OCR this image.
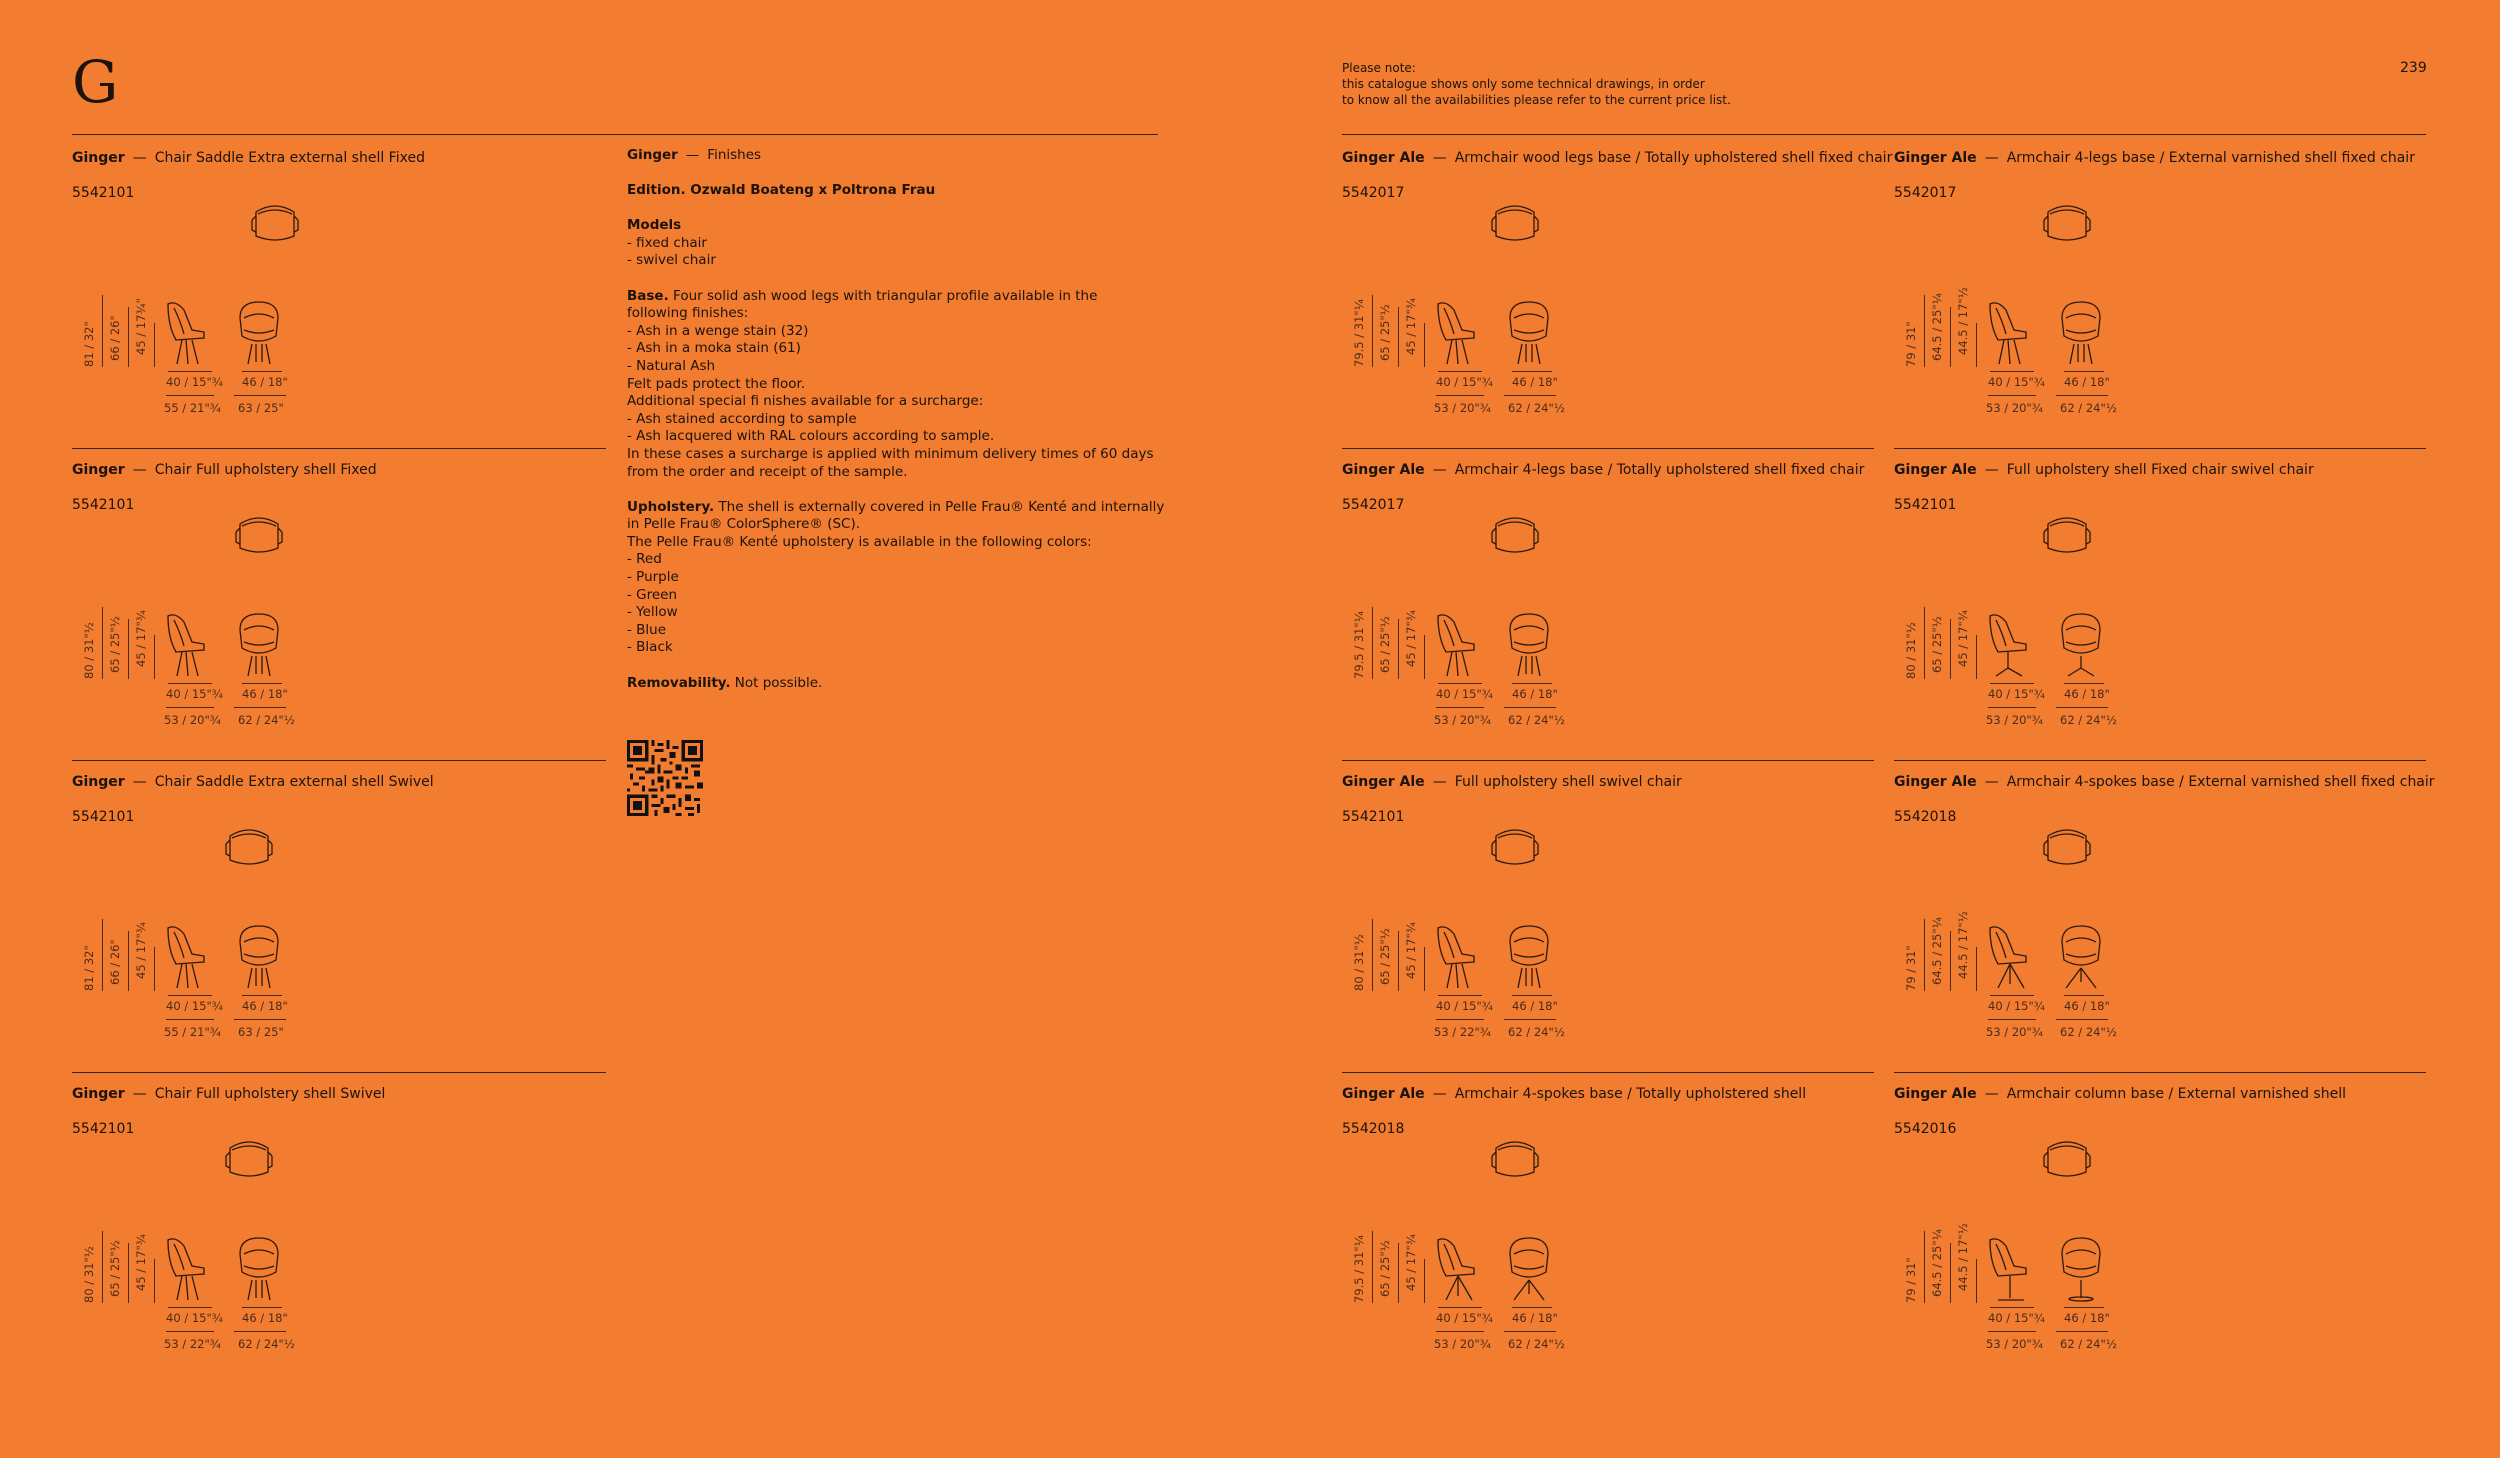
G	239
Please note:
this catalogue shows only some technical drawings, in order
to know all the availabilities please refer to the current price list.
Ginger — Chair Saddle Extra external shell Fixed
5542101
81 / 32" 66 / 26" 45 / 17¾"
40 / 15"¾
55 / 21"¾
46 / 18"
63 / 25"
Ginger — Chair Full upholstery shell Fixed
5542101
80 / 31"½ 65 / 25"½ 45 / 17"¾
40 / 15"¾
53 / 20"¾
46 / 18"
62 / 24"½
Ginger — Chair Saddle Extra external shell Swivel
5542101
81 / 32" 66 / 26" 45 / 17"¾
40 / 15"¾
55 / 21"¾
46 / 18"
63 / 25"
Ginger — Chair Full upholstery shell Swivel
5542101
80 / 31"½ 65 / 25"½ 45 / 17"¾
40 / 15"¾
53 / 22"¾
46 / 18"
62 / 24"½
Ginger Ale — Armchair wood legs base / Totally upholstered shell fixed chair
5542017
79.5 / 31"¼ 65 / 25"½ 45 / 17"¾
40 / 15"¾
53 / 20"¾
46 / 18"
62 / 24"½
Ginger Ale — Armchair 4-legs base / External varnished shell fixed chair
5542017
79 / 31" 64.5 / 25"¼ 44.5 / 17"½
40 / 15"¾
53 / 20"¾
46 / 18"
62 / 24"½
Ginger Ale — Armchair 4-legs base / Totally upholstered shell fixed chair
5542017
79.5 / 31"¼ 65 / 25"½ 45 / 17"¾
40 / 15"¾
53 / 20"¾
46 / 18"
62 / 24"½
Ginger Ale — Full upholstery shell Fixed chair swivel chair
5542101
80 / 31"½ 65 / 25"½ 45 / 17"¾
40 / 15"¾
53 / 20"¾
46 / 18"
62 / 24"½
Ginger Ale — Full upholstery shell swivel chair
5542101
80 / 31"½ 65 / 25"½ 45 / 17"¾
40 / 15"¾
53 / 22"¾
46 / 18"
62 / 24"½
Ginger Ale — Armchair 4-spokes base / External varnished shell fixed chair
5542018
79 / 31" 64.5 / 25"¼ 44.5 / 17"½
40 / 15"¾
53 / 20"¾
46 / 18"
62 / 24"½
Ginger Ale — Armchair 4-spokes base / Totally upholstered shell
5542018
79.5 / 31"¼ 65 / 25"½ 45 / 17"¾
40 / 15"¾
53 / 20"¾
46 / 18"
62 / 24"½
Ginger Ale — Armchair column base / External varnished shell
5542016
79 / 31" 64.5 / 25"¼ 44.5 / 17"½
40 / 15"¾
53 / 20"¾
46 / 18"
62 / 24"½

Ginger — Finishes

Edition. Ozwald Boateng x Poltrona Frau

Models
- fixed chair
- swivel chair

Base. Four solid ash wood legs with triangular profile available in the
following finishes:
- Ash in a wenge stain (32)
- Ash in a moka stain (61)
- Natural Ash
Felt pads protect the floor.
Additional special fi nishes available for a surcharge:
- Ash stained according to sample
- Ash lacquered with RAL colours according to sample.
In these cases a surcharge is applied with minimum delivery times of 60 days
from the order and receipt of the sample.

Upholstery. The shell is externally covered in Pelle Frau® Kenté and internally
in Pelle Frau® ColorSphere® (SC).
The Pelle Frau® Kenté upholstery is available in the following colors:
- Red
- Purple
- Green
- Yellow
- Blue
- Black

Removability. Not possible.
